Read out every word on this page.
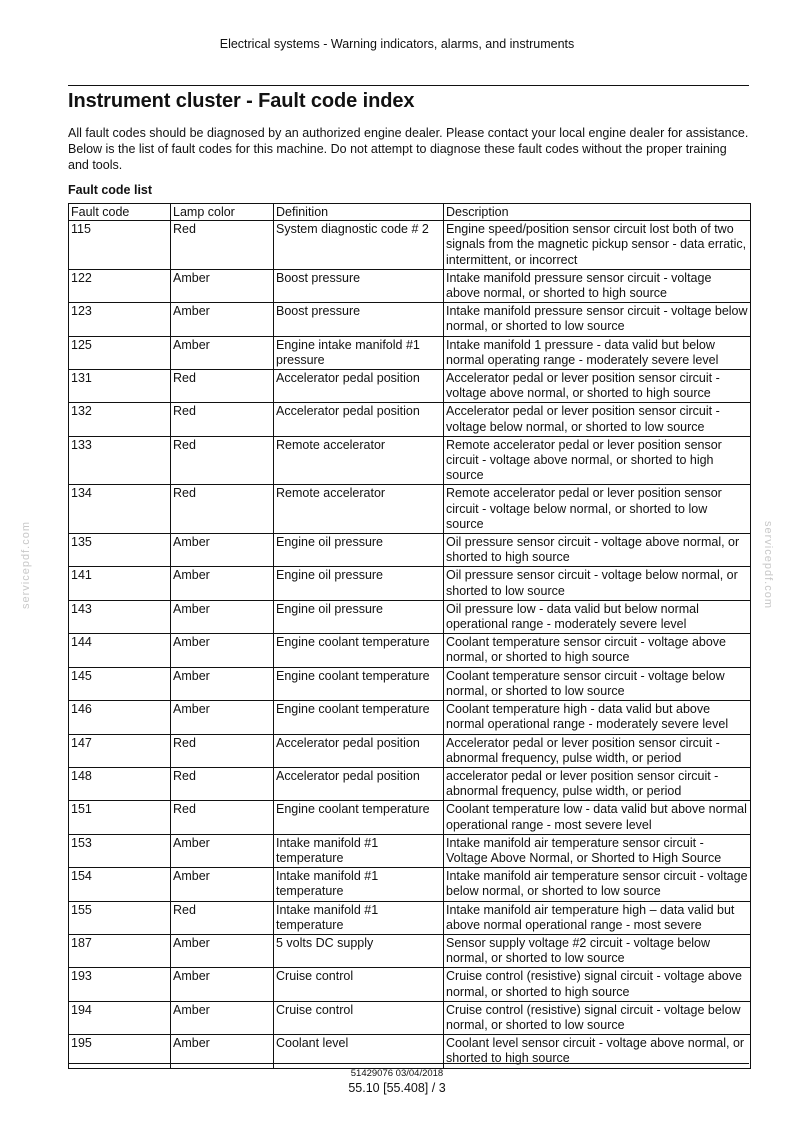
Electrical systems - Warning indicators, alarms, and instruments
Instrument cluster - Fault code index

All fault codes should be diagnosed by an authorized engine dealer. Please contact your local engine dealer for assistance. Below is the list of fault codes for this machine. Do not attempt to diagnose these fault codes without the proper training and tools.

Fault code list

Fault code	Lamp color	Definition	Description
115	Red	System diagnostic code # 2	Engine speed/position sensor circuit lost both of two signals from the magnetic pickup sensor - data erratic, intermittent, or incorrect
122	Amber	Boost pressure	Intake manifold pressure sensor circuit - voltage above normal, or shorted to high source
123	Amber	Boost pressure	Intake manifold pressure sensor circuit - voltage below normal, or shorted to low source
125	Amber	Engine intake manifold #1 pressure	Intake manifold 1 pressure - data valid but below normal operating range - moderately severe level
131	Red	Accelerator pedal position	Accelerator pedal or lever position sensor circuit - voltage above normal, or shorted to high source
132	Red	Accelerator pedal position	Accelerator pedal or lever position sensor circuit - voltage below normal, or shorted to low source
133	Red	Remote accelerator	Remote accelerator pedal or lever position sensor circuit - voltage above normal, or shorted to high source
134	Red	Remote accelerator	Remote accelerator pedal or lever position sensor circuit - voltage below normal, or shorted to low source
135	Amber	Engine oil pressure	Oil pressure sensor circuit - voltage above normal, or shorted to high source
141	Amber	Engine oil pressure	Oil pressure sensor circuit - voltage below normal, or shorted to low source
143	Amber	Engine oil pressure	Oil pressure low - data valid but below normal operational range - moderately severe level
144	Amber	Engine coolant temperature	Coolant temperature sensor circuit - voltage above normal, or shorted to high source
145	Amber	Engine coolant temperature	Coolant temperature sensor circuit - voltage below normal, or shorted to low source
146	Amber	Engine coolant temperature	Coolant temperature high - data valid but above normal operational range - moderately severe level
147	Red	Accelerator pedal position	Accelerator pedal or lever position sensor circuit - abnormal frequency, pulse width, or period
148	Red	Accelerator pedal position	accelerator pedal or lever position sensor circuit - abnormal frequency, pulse width, or period
151	Red	Engine coolant temperature	Coolant temperature low - data valid but above normal operational range - most severe level
153	Amber	Intake manifold #1 temperature	Intake manifold air temperature sensor circuit - Voltage Above Normal, or Shorted to High Source
154	Amber	Intake manifold #1 temperature	Intake manifold air temperature sensor circuit - voltage below normal, or shorted to low source
155	Red	Intake manifold #1 temperature	Intake manifold air temperature high – data valid but above normal operational range - most severe
187	Amber	5 volts DC supply	Sensor supply voltage #2 circuit - voltage below normal, or shorted to low source
193	Amber	Cruise control	Cruise control (resistive) signal circuit - voltage above normal, or shorted to high source
194	Amber	Cruise control	Cruise control (resistive) signal circuit - voltage below normal, or shorted to low source
195	Amber	Coolant level	Coolant level sensor circuit - voltage above normal, or shorted to high source
servicepdf.com	servicepdf.com
51429076 03/04/2018
55.10 [55.408] / 3
